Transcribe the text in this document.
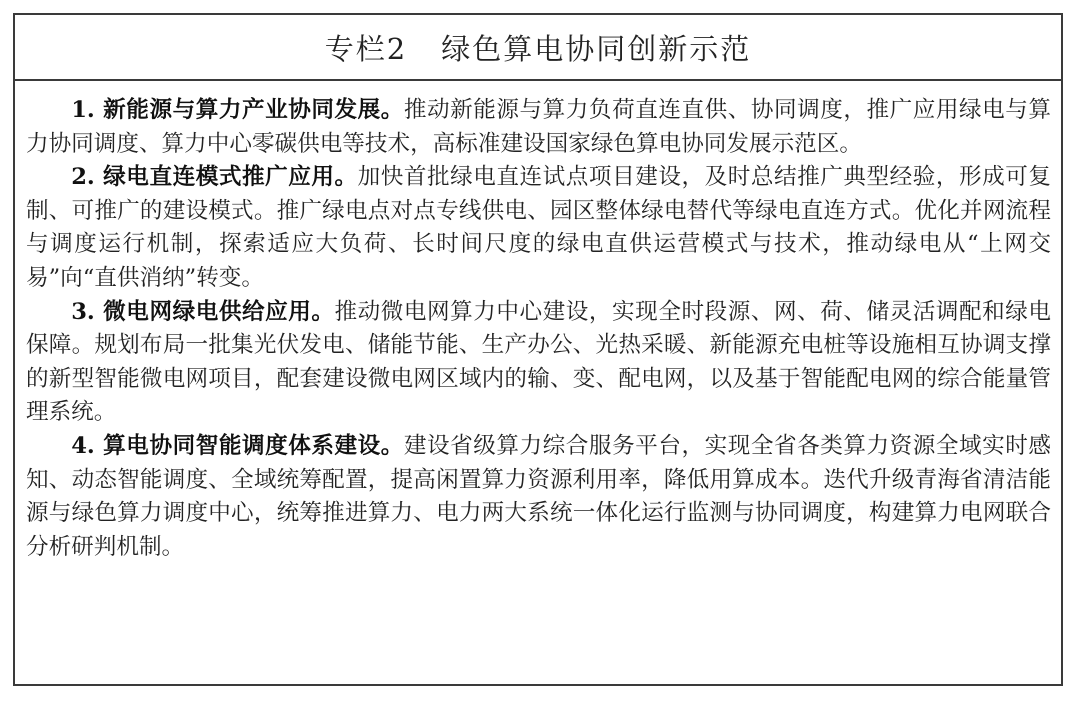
专栏2 绿色算电协同创新示范

1. 新能源与算力产业协同发展。推动新能源与算力负荷直连直供、协同调度，推广应用绿电与算力协同调度、算力中心零碳供电等技术，高标准建设国家绿色算电协同发展示范区。

2. 绿电直连模式推广应用。加快首批绿电直连试点项目建设，及时总结推广典型经验，形成可复制、可推广的建设模式。推广绿电点对点专线供电、园区整体绿电替代等绿电直连方式。优化并网流程与调度运行机制，探索适应大负荷、长时间尺度的绿电直供运营模式与技术，推动绿电从“上网交易”向“直供消纳”转变。

3. 微电网绿电供给应用。推动微电网算力中心建设，实现全时段源、网、荷、储灵活调配和绿电保障。规划布局一批集光伏发电、储能节能、生产办公、光热采暖、新能源充电桩等设施相互协调支撑的新型智能微电网项目，配套建设微电网区域内的输、变、配电网，以及基于智能配电网的综合能量管理系统。

4. 算电协同智能调度体系建设。建设省级算力综合服务平台，实现全省各类算力资源全域实时感知、动态智能调度、全域统筹配置，提高闲置算力资源利用率，降低用算成本。迭代升级青海省清洁能源与绿色算力调度中心，统筹推进算力、电力两大系统一体化运行监测与协同调度，构建算力电网联合分析研判机制。
